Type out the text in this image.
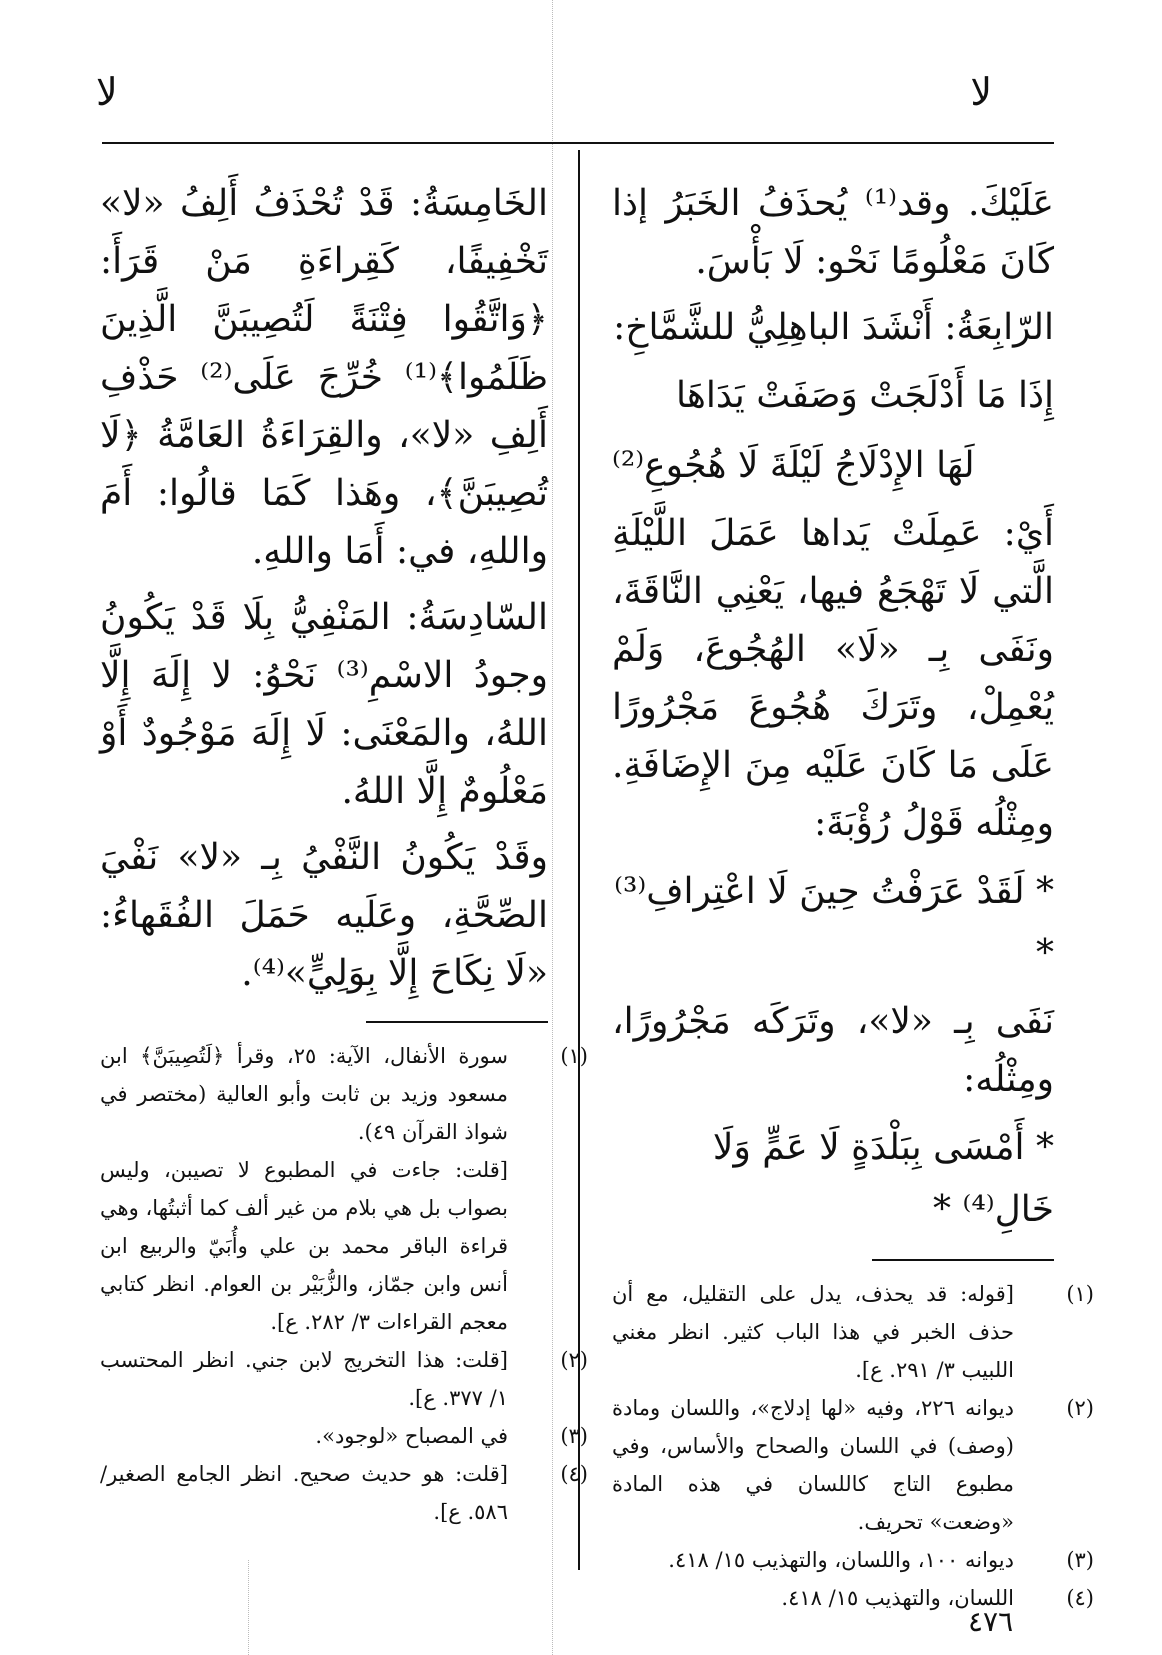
لا
لا

عَلَيْكَ. وقد⁽¹⁾ يُحذَفُ الخَبَرُ إذا كَانَ مَعْلُومًا نَحْو: لَا بَأْسَ.

الرّابِعَةُ: أَنْشَدَ الباهِلِيُّ للشَّمَّاخِ:

إِذَا مَا أَدْلَجَتْ وَصَفَتْ يَدَاهَا
لَهَا الإِدْلَاجُ لَيْلَةَ لَا هُجُوعِ⁽²⁾

أَيْ: عَمِلَتْ يَداها عَمَلَ اللَّيْلَةِ الَّتي لَا تَهْجَعُ فيها، يَعْنِي النَّاقَةَ، ونَفَى بِـ «لَا» الهُجُوعَ، وَلَمْ يُعْمِلْ، وتَرَكَ هُجُوعَ مَجْرُورًا عَلَى مَا كَانَ عَلَيْه مِنَ الإِضَافَةِ. ومِثْلُه قَوْلُ رُؤْبَةَ:

* لَقَدْ عَرَفْتُ حِينَ لَا اعْتِرافِ⁽³⁾ *

نَفَى بِـ «لا»، وتَرَكَه مَجْرُورًا، ومِثْلُه:

* أَمْسَى بِبَلْدَةٍ لَا عَمٍّ وَلَا خَالِ⁽⁴⁾ *

(١)[قوله: قد يحذف، يدل على التقليل، مع أن حذف الخبر في هذا الباب كثير. انظر مغني اللبيب ٣/ ٢٩١. ع].

(٢)ديوانه ٢٢٦، وفيه «لها إدلاج»، واللسان ومادة (وصف) في اللسان والصحاح والأساس، وفي مطبوع التاج كاللسان في هذه المادة «وضعت» تحريف.

(٣)ديوانه ١٠٠، واللسان، والتهذيب ١٥/ ٤١٨.

(٤)اللسان، والتهذيب ١٥/ ٤١٨.

الخَامِسَةُ: قَدْ تُحْذَفُ أَلِفُ «لا» تَخْفِيفًا، كَقِراءَةِ مَنْ قَرَأَ: ﴿وَاتَّقُوا فِتْنَةً لَتُصِيبَنَّ الَّذِينَ ظَلَمُوا﴾⁽¹⁾ خُرِّجَ عَلَى⁽²⁾ حَذْفِ أَلِفِ «لا»، والقِرَاءَةُ العَامَّةُ ﴿لَا تُصِيبَنَّ﴾، وهَذا كَمَا قالُوا: أَمَ واللهِ، في: أَمَا واللهِ.

السّادِسَةُ: المَنْفِيُّ بِلَا قَدْ يَكُونُ وجودُ الاسْمِ⁽³⁾ نَحْوُ: لا إِلَهَ إِلَّا اللهُ، والمَعْنَى: لَا إِلَهَ مَوْجُودٌ أَوْ مَعْلُومٌ إِلَّا اللهُ.

وقَدْ يَكُونُ النَّفْيُ بِـ «لا» نَفْيَ الصِّحَّةِ، وعَلَيه حَمَلَ الفُقَهاءُ: «لَا نِكَاحَ إِلَّا بِوَلِيٍّ»⁽⁴⁾.

(١)سورة الأنفال، الآية: ٢٥، وقرأ ﴿لَتُصِيبَنَّ﴾ ابن مسعود وزيد بن ثابت وأبو العالية (مختصر في شواذ القرآن ٤٩).

[قلت: جاءت في المطبوع لا تصيبن، وليس بصواب بل هي بلام من غير ألف كما أثبتُها، وهي قراءة الباقر محمد بن علي وأُبَيّ والربيع ابن أنس وابن جمّاز، والزُّبَيْر بن العوام. انظر كتابي معجم القراءات ٣/ ٢٨٢. ع].

(٢)[قلت: هذا التخريج لابن جني. انظر المحتسب ١/ ٣٧٧. ع].

(٣)في المصباح «لوجود».

(٤)[قلت: هو حديث صحيح. انظر الجامع الصغير/ ٥٨٦. ع].

٤٧٦
